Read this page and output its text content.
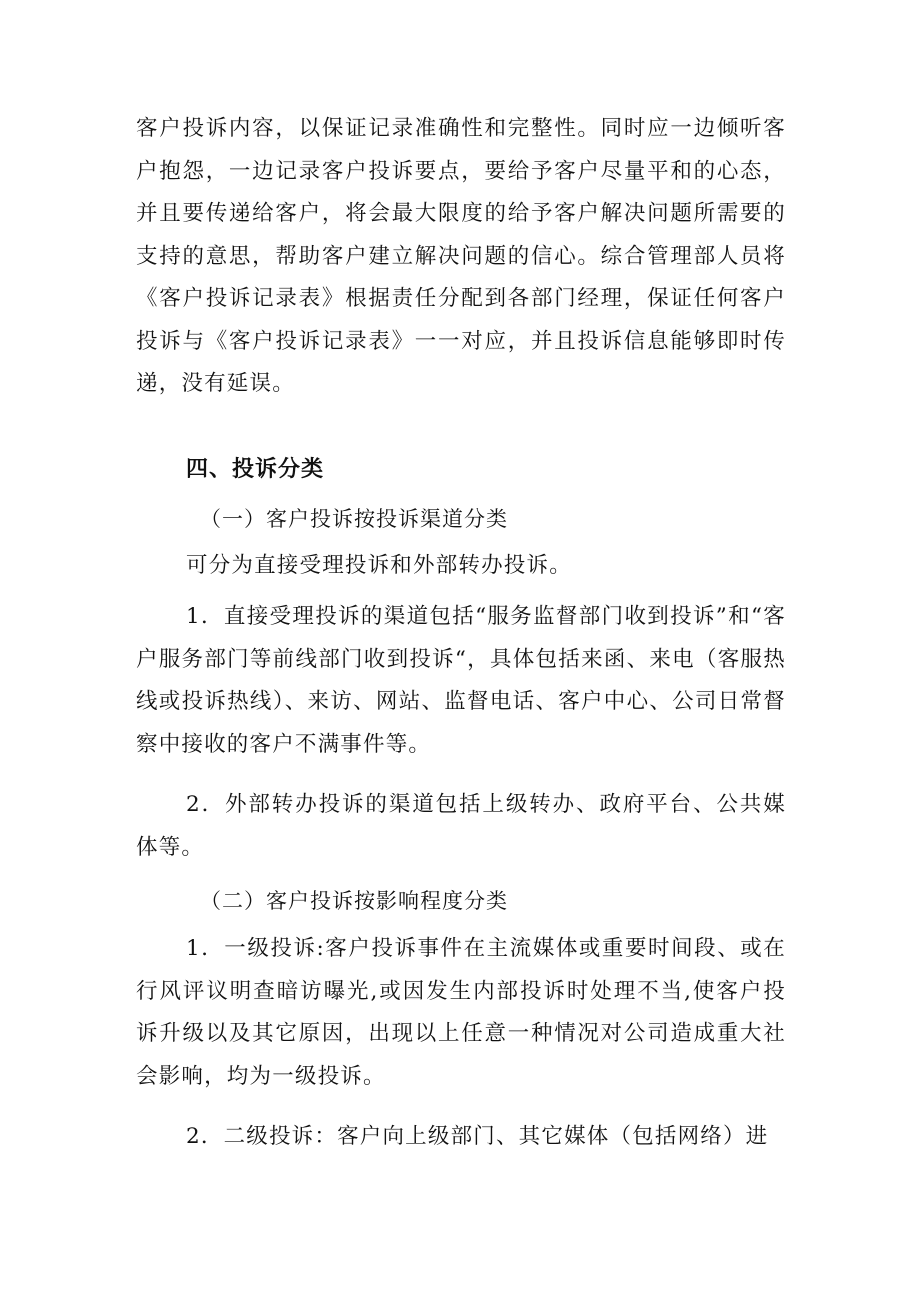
客户投诉内容，以保证记录准确性和完整性。同时应一边倾听客户抱怨，一边记录客户投诉要点，要给予客户尽量平和的心态，并且要传递给客户，将会最大限度的给予客户解决问题所需要的支持的意思，帮助客户建立解决问题的信心。综合管理部人员将《客户投诉记录表》根据责任分配到各部门经理，保证任何客户投诉与《客户投诉记录表》一一对应，并且投诉信息能够即时传递，没有延误。

四、投诉分类

（一）客户投诉按投诉渠道分类

可分为直接受理投诉和外部转办投诉。

1．直接受理投诉的渠道包括“服务监督部门收到投诉”和“客户服务部门等前线部门收到投诉“，具体包括来函、来电（客服热线或投诉热线）、来访、网站、监督电话、客户中心、公司日常督察中接收的客户不满事件等。

2．外部转办投诉的渠道包括上级转办、政府平台、公共媒体等。

（二）客户投诉按影响程度分类

1．一级投诉:客户投诉事件在主流媒体或重要时间段、或在行风评议明查暗访曝光,或因发生内部投诉时处理不当,使客户投诉升级以及其它原因，出现以上任意一种情况对公司造成重大社会影响，均为一级投诉。

2．二级投诉：客户向上级部门、其它媒体（包括网络）进
